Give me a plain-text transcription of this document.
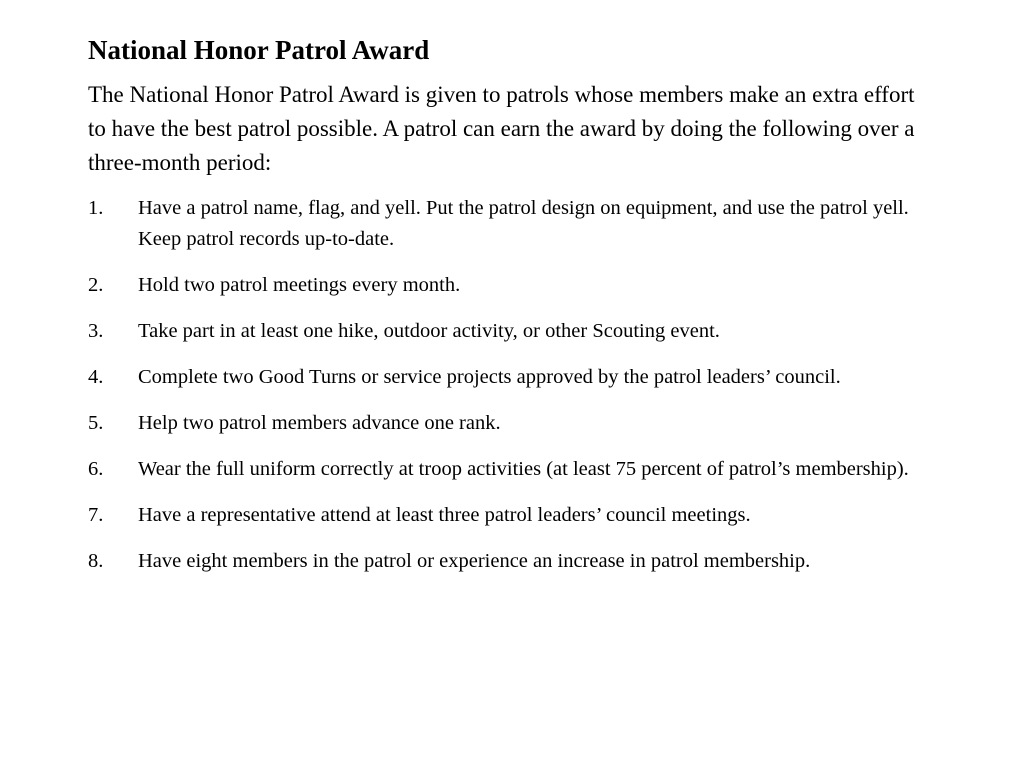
National Honor Patrol Award

The National Honor Patrol Award is given to patrols whose members make an extra effort to have the best patrol possible. A patrol can earn the award by doing the following over a three-month period:

1.	Have a patrol name, flag, and yell. Put the patrol design on equipment, and use the patrol yell. Keep patrol records up-to-date.
2.	Hold two patrol meetings every month.
3.	Take part in at least one hike, outdoor activity, or other Scouting event.
4.	Complete two Good Turns or service projects approved by the patrol leaders’ council.
5.	Help two patrol members advance one rank.
6.	Wear the full uniform correctly at troop activities (at least 75 percent of patrol’s membership).
7.	Have a representative attend at least three patrol leaders’ council meetings.
8.	Have eight members in the patrol or experience an increase in patrol membership.
